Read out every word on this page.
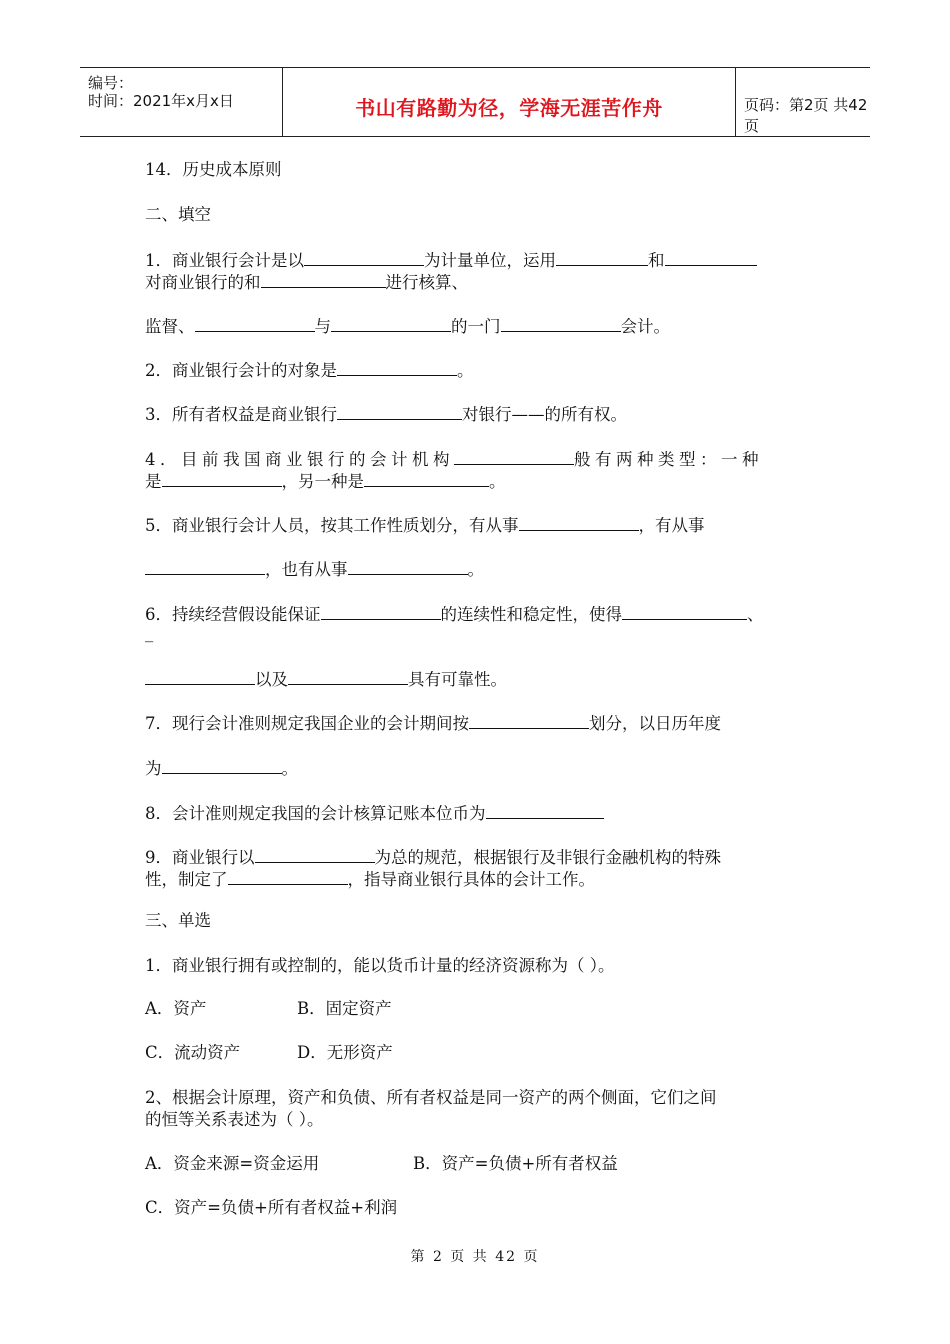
编号：
时间：2021年x月x日	书山有路勤为径，学海无涯苦作舟	页码：第2页 共42页
14．历史成本原则
二、填空
1．商业银行会计是以	为计量单位，运用	和
对商业银行的和	进行核算、
监督、	与	的一门	会计。
2．商业银行会计的对象是	。
3．所有者权益是商业银行	对银行——的所有权。
4．目前我国商业银行的会计机构	般有两种类型：一种
是	，另一种是	。
5．商业银行会计人员，按其工作性质划分，有从事	，有从事
，也有从事	。
6．持续经营假设能保证	的连续性和稳定性，使得	、
_
以及	具有可靠性。
7．现行会计准则规定我国企业的会计期间按	划分，以日历年度
为	。
8．会计准则规定我国的会计核算记账本位币为
9．商业银行以	为总的规范，根据银行及非银行金融机构的特殊
性，制定了	，指导商业银行具体的会计工作。
三、单选
1．商业银行拥有或控制的，能以货币计量的经济资源称为（ ）。
A．资产	B．固定资产
C．流动资产	D．无形资产
2、根据会计原理，资产和负债、所有者权益是同一资产的两个侧面，它们之间
的恒等关系表述为（ ）。
A．资金来源=资金运用	B．资产=负债+所有者权益
C．资产=负债+所有者权益+利润
第 2 页 共 42 页
